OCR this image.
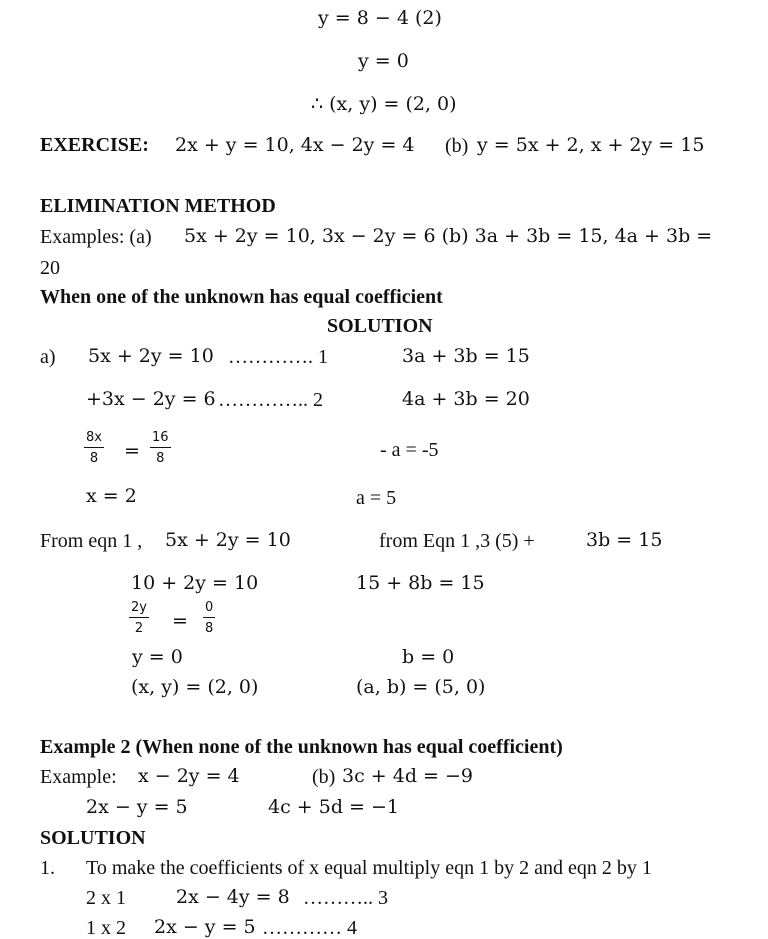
y = 8 − 4 (2)
y = 0
∴ (x, y) = (2, 0)
EXERCISE: 2x + y = 10, 4x − 2y = 4 (b) y = 5x + 2, x + 2y = 15
ELIMINATION METHOD
Examples: (a) 5x + 2y = 10, 3x − 2y = 6 (b) 3a + 3b = 15, 4a + 3b =
20
When one of the unknown has equal coefficient
SOLUTION
a) 5x + 2y = 10 …………. 1	3a + 3b = 15
+3x − 2y = 6 ………….. 2	4a + 3b = 20
$\frac{8x}{8} = \frac{16}{8}$	- a = -5
x = 2	a = 5
From eqn 1 , 5x + 2y = 10	from Eqn 1 ,3 (5) +	3b = 15
10 + 2y = 10	15 + 8b = 15
$\frac{2y}{2} = \frac{0}{8}$
y = 0	b = 0
(x, y) = (2, 0)	(a, b) = (5, 0)
Example 2 (When none of the unknown has equal coefficient)
Example: x − 2y = 4	(b) 3c + 4d = −9
2x − y = 5	4c + 5d = −1
SOLUTION
1. To make the coefficients of x equal multiply eqn 1 by 2 and eqn 2 by 1
2 x 1	2x − 4y = 8 ……….. 3
1 x 2 2x − y = 5 ………… 4
